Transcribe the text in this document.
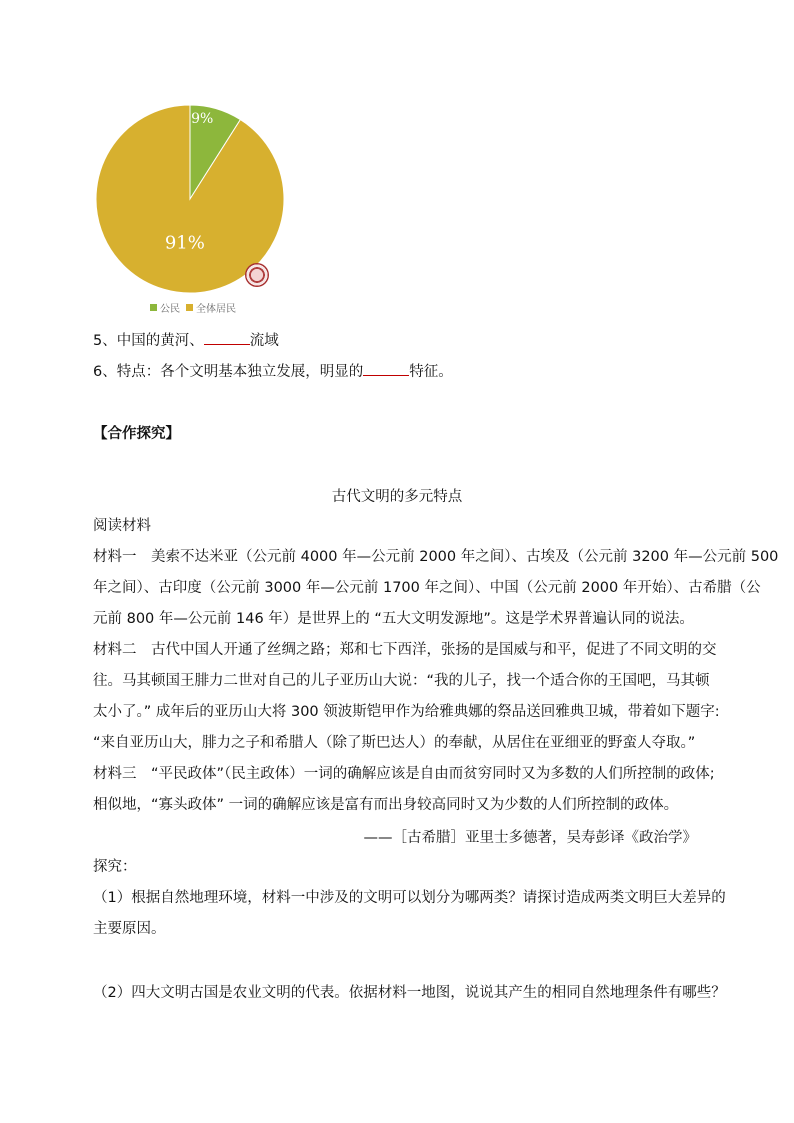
9%
91%
公民 全体居民
5、中国的黄河、	流域
6、特点：各个文明基本独立发展，明显的	特征。
【合作探究】
古代文明的多元特点
阅读材料
材料一　美索不达米亚（公元前 4000 年—公元前 2000 年之间）、古埃及（公元前 3200 年—公元前 500
年之间）、古印度（公元前 3000 年—公元前 1700 年之间）、中国（公元前 2000 年开始）、古希腊（公
元前 800 年—公元前 146 年）是世界上的 “五大文明发源地”。这是学术界普遍认同的说法。
材料二　古代中国人开通了丝绸之路；郑和七下西洋，张扬的是国威与和平，促进了不同文明的交
往。马其顿国王腓力二世对自己的儿子亚历山大说：“我的儿子，找一个适合你的王国吧，马其顿
太小了。” 成年后的亚历山大将 300 领波斯铠甲作为给雅典娜的祭品送回雅典卫城，带着如下题字:
“来自亚历山大，腓力之子和希腊人（除了斯巴达人）的奉献，从居住在亚细亚的野蛮人夺取。”
材料三　“平民政体”（民主政体）一词的确解应该是自由而贫穷同时又为多数的人们所控制的政体;
相似地，“寡头政体” 一词的确解应该是富有而出身较高同时又为少数的人们所控制的政体。
——［古希腊］亚里士多德著，吴寿彭译《政治学》
探究：
（1）根据自然地理环境，材料一中涉及的文明可以划分为哪两类？请探讨造成两类文明巨大差异的
主要原因。
（2）四大文明古国是农业文明的代表。依据材料一地图，说说其产生的相同自然地理条件有哪些？
